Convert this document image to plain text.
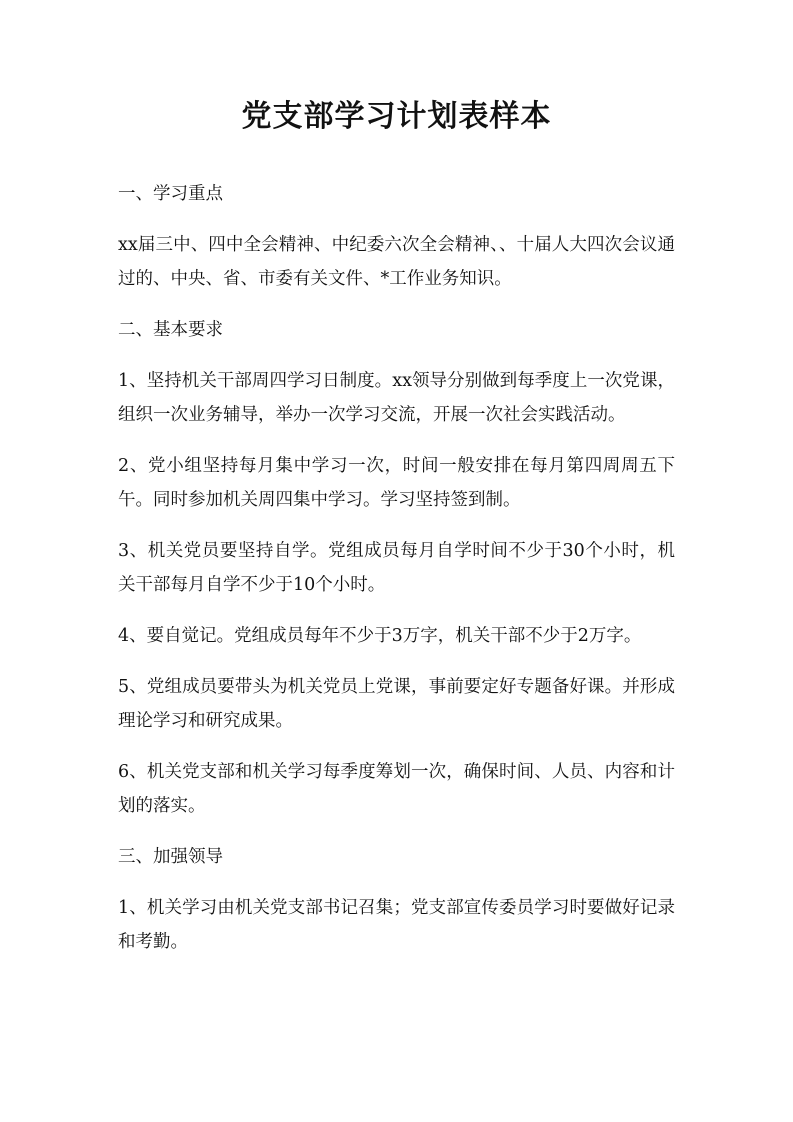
党支部学习计划表样本

一、学习重点

xx届三中、四中全会精神、中纪委六次全会精神、、十届人大四次会议通过的、中央、省、市委有关文件、*工作业务知识。

二、基本要求

1、坚持机关干部周四学习日制度。xx领导分别做到每季度上一次党课，组织一次业务辅导，举办一次学习交流，开展一次社会实践活动。

2、党小组坚持每月集中学习一次，时间一般安排在每月第四周周五下午。同时参加机关周四集中学习。学习坚持签到制。

3、机关党员要坚持自学。党组成员每月自学时间不少于30个小时，机关干部每月自学不少于10个小时。

4、要自觉记。党组成员每年不少于3万字，机关干部不少于2万字。

5、党组成员要带头为机关党员上党课，事前要定好专题备好课。并形成理论学习和研究成果。

6、机关党支部和机关学习每季度筹划一次，确保时间、人员、内容和计划的落实。

三、加强领导

1、机关学习由机关党支部书记召集；党支部宣传委员学习时要做好记录和考勤。
